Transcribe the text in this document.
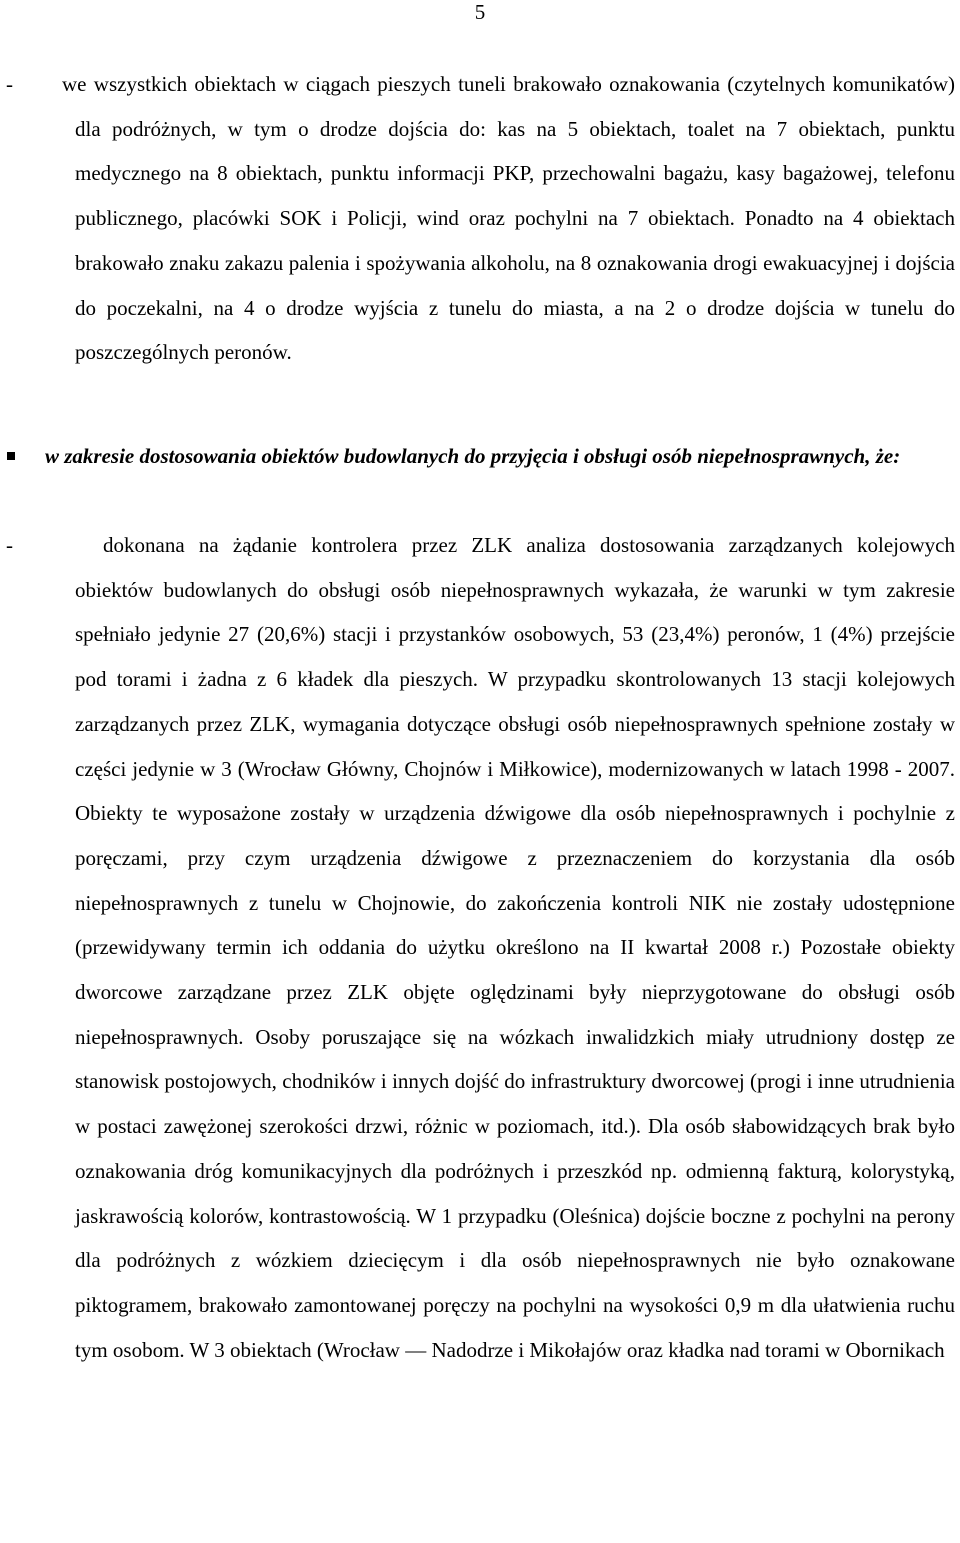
5
- we wszystkich obiektach w ciągach pieszych tuneli brakowało oznakowania (czytelnych komunikatów) dla podróżnych, w tym o drodze dojścia do: kas na 5 obiektach, toalet na 7 obiektach, punktu medycznego na 8 obiektach, punktu informacji PKP, przechowalni bagażu, kasy bagażowej, telefonu publicznego, placówki SOK i Policji, wind oraz pochylni na 7 obiektach. Ponadto na 4 obiektach brakowało znaku zakazu palenia i spożywania alkoholu, na 8 oznakowania drogi ewakuacyjnej i dojścia do poczekalni, na 4 o drodze wyjścia z tunelu do miasta, a na 2 o drodze dojścia w tunelu do poszczególnych peronów.
w zakresie dostosowania obiektów budowlanych do przyjęcia i obsługi osób niepełnosprawnych, że:
-	dokonana na żądanie kontrolera przez ZLK analiza dostosowania zarządzanych kolejowych obiektów budowlanych do obsługi osób niepełnosprawnych wykazała, że warunki w tym zakresie spełniało jedynie 27 (20,6%) stacji i przystanków osobowych, 53 (23,4%) peronów, 1 (4%) przejście pod torami i żadna z 6 kładek dla pieszych. W przypadku skontrolowanych 13 stacji kolejowych zarządzanych przez ZLK, wymagania dotyczące obsługi osób niepełnosprawnych spełnione zostały w części jedynie w 3 (Wrocław Główny, Chojnów i Miłkowice), modernizowanych w latach 1998 - 2007. Obiekty te wyposażone zostały w urządzenia dźwigowe dla osób niepełnosprawnych i pochylnie z poręczami, przy czym urządzenia dźwigowe z przeznaczeniem do korzystania dla osób niepełnosprawnych z tunelu w Chojnowie, do zakończenia kontroli NIK nie zostały udostępnione (przewidywany termin ich oddania do użytku określono na II kwartał 2008 r.) Pozostałe obiekty dworcowe zarządzane przez ZLK objęte oględzinami były nieprzygotowane do obsługi osób niepełnosprawnych. Osoby poruszające się na wózkach inwalidzkich miały utrudniony dostęp ze stanowisk postojowych, chodników i innych dojść do infrastruktury dworcowej (progi i inne utrudnienia w postaci zawężonej szerokości drzwi, różnic w poziomach, itd.). Dla osób słabowidzących brak było oznakowania dróg komunikacyjnych dla podróżnych i przeszkód np. odmienną fakturą, kolorystyką, jaskrawością kolorów, kontrastowością. W 1 przypadku (Oleśnica) dojście boczne z pochylni na perony dla podróżnych z wózkiem dziecięcym i dla osób niepełnosprawnych nie było oznakowane piktogramem, brakowało zamontowanej poręczy na pochylni na wysokości 0,9 m dla ułatwienia ruchu tym osobom. W 3 obiektach (Wrocław — Nadodrze i Mikołajów oraz kładka nad torami w Obornikach
